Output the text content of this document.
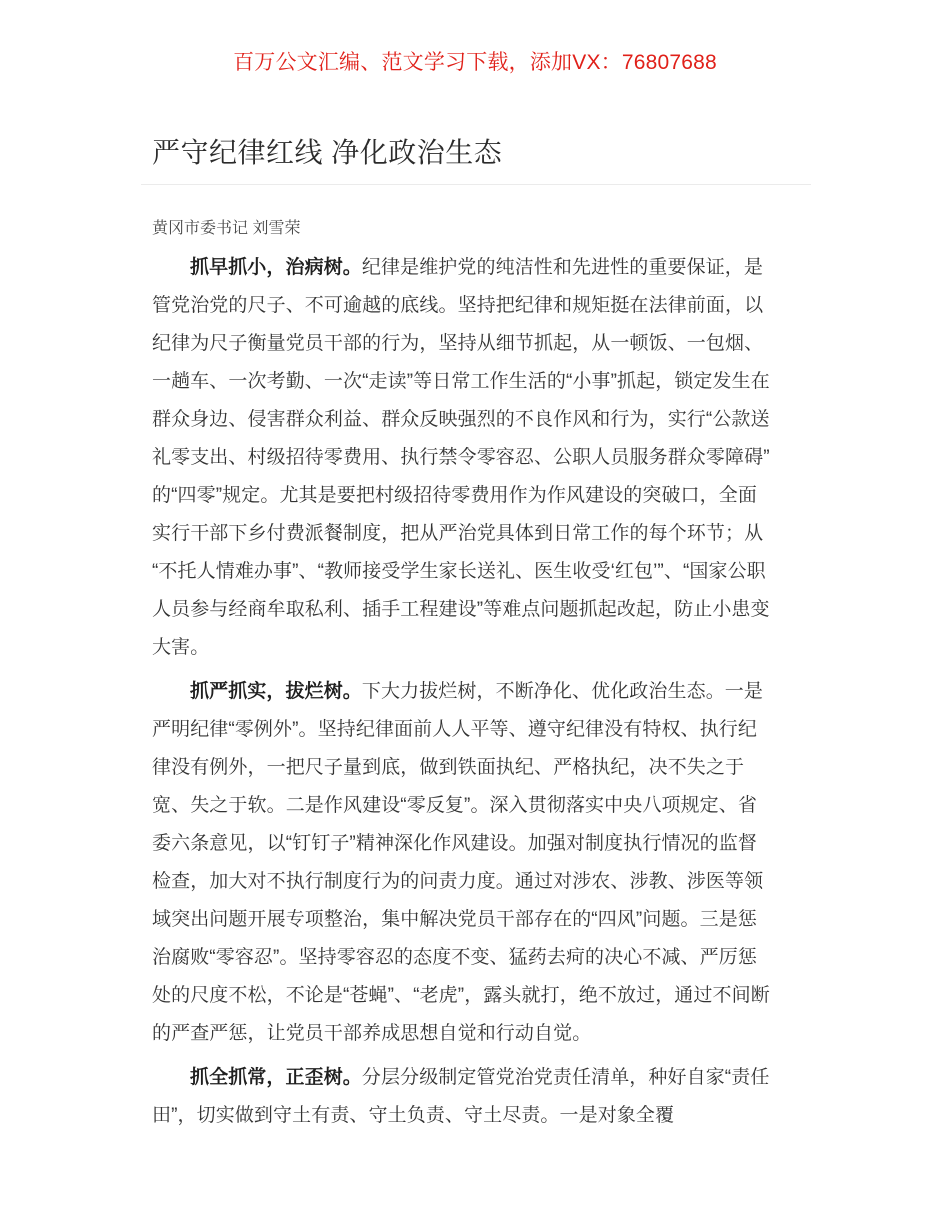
百万公文汇编、范文学习下载，添加VX：76807688
严守纪律红线 净化政治生态

黄冈市委书记 刘雪荣

抓早抓小，治病树。纪律是维护党的纯洁性和先进性的重要保证，是管党治党的尺子、不可逾越的底线。坚持把纪律和规矩挺在法律前面，以纪律为尺子衡量党员干部的行为，坚持从细节抓起，从一顿饭、一包烟、一趟车、一次考勤、一次“走读”等日常工作生活的“小事”抓起，锁定发生在群众身边、侵害群众利益、群众反映强烈的不良作风和行为，实行“公款送礼零支出、村级招待零费用、执行禁令零容忍、公职人员服务群众零障碍”的“四零”规定。尤其是要把村级招待零费用作为作风建设的突破口，全面实行干部下乡付费派餐制度，把从严治党具体到日常工作的每个环节；从“不托人情难办事”、“教师接受学生家长送礼、医生收受‘红包’”、“国家公职人员参与经商牟取私利、插手工程建设”等难点问题抓起改起，防止小患变大害。

抓严抓实，拔烂树。下大力拔烂树，不断净化、优化政治生态。一是严明纪律“零例外”。坚持纪律面前人人平等、遵守纪律没有特权、执行纪律没有例外，一把尺子量到底，做到铁面执纪、严格执纪，决不失之于宽、失之于软。二是作风建设“零反复”。深入贯彻落实中央八项规定、省委六条意见，以“钉钉子”精神深化作风建设。加强对制度执行情况的监督检查，加大对不执行制度行为的问责力度。通过对涉农、涉教、涉医等领域突出问题开展专项整治，集中解决党员干部存在的“四风”问题。三是惩治腐败“零容忍”。坚持零容忍的态度不变、猛药去疴的决心不减、严厉惩处的尺度不松，不论是“苍蝇”、“老虎”，露头就打，绝不放过，通过不间断的严查严惩，让党员干部养成思想自觉和行动自觉。

抓全抓常，正歪树。分层分级制定管党治党责任清单，种好自家“责任田”，切实做到守土有责、守土负责、守土尽责。一是对象全覆
